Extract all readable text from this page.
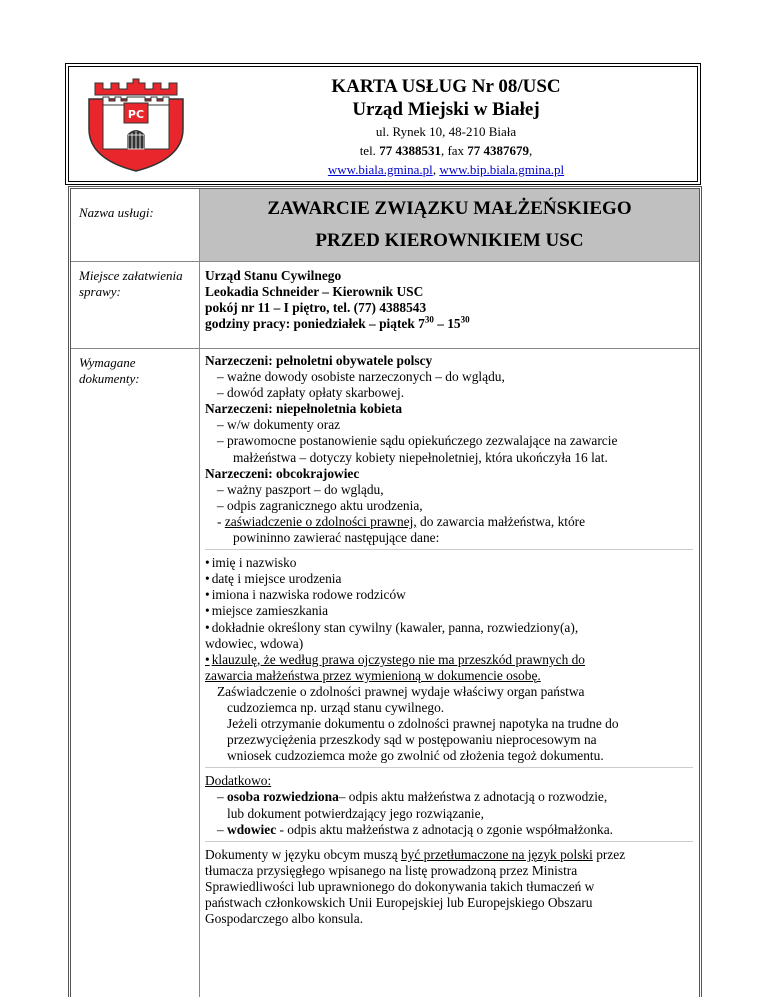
PC
KARTA USŁUG Nr 08/USC
Urząd Miejski w Białej
ul. Rynek 10, 48-210 Biała
tel. 77 4388531, fax 77 4387679,
www.biala.gmina.pl, www.bip.biala.gmina.pl
Nazwa usługi:	ZAWARCIE ZWIĄZKU MAŁŻEŃSKIEGO
PRZED KIEROWNIKIEM USC
Miejsce załatwienia sprawy:
Urząd Stanu Cywilnego
Leokadia Schneider – Kierownik USC
pokój nr 11 – I piętro, tel. (77) 4388543
godziny pracy: poniedziałek – piątek $7^{30} - 15^{30}$
Wymagane dokumenty:
Narzeczeni: pełnoletni obywatele polscy
– ważne dowody osobiste narzeczonych – do wglądu,
– dowód zapłaty opłaty skarbowej.
Narzeczeni: niepełnoletnia kobieta
– w/w dokumenty oraz
– prawomocne postanowienie sądu opiekuńczego zezwalające na zawarcie
małżeństwa – dotyczy kobiety niepełnoletniej, która ukończyła 16 lat.
Narzeczeni: obcokrajowiec
– ważny paszport – do wglądu,
– odpis zagranicznego aktu urodzenia,
- zaświadczenie o zdolności prawnej, do zawarcia małżeństwa, które
powininno zawierać następujące dane:
• imię i nazwisko
• datę i miejsce urodzenia
• imiona i nazwiska rodowe rodziców
• miejsce zamieszkania
• dokładnie określony stan cywilny (kawaler, panna, rozwiedziony(a),
wdowiec, wdowa)
• klauzulę, że według prawa ojczystego nie ma przeszkód prawnych do
zawarcia małżeństwa przez wymienioną w dokumencie osobę.
Zaświadczenie o zdolności prawnej wydaje właściwy organ państwa
cudzoziemca np. urząd stanu cywilnego.
Jeżeli otrzymanie dokumentu o zdolności prawnej napotyka na trudne do
przezwyciężenia przeszkody sąd w postępowaniu nieprocesowym na
wniosek cudzoziemca może go zwolnić od złożenia tegoż dokumentu.
Dodatkowo:
– osoba rozwiedziona– odpis aktu małżeństwa z adnotacją o rozwodzie,
lub dokument potwierdzający jego rozwiązanie,
– wdowiec - odpis aktu małżeństwa z adnotacją o zgonie współmałżonka.
Dokumenty w języku obcym muszą być przetłumaczone na język polski przez
tłumacza przysięgłego wpisanego na listę prowadzoną przez Ministra
Sprawiedliwości lub uprawnionego do dokonywania takich tłumaczeń w
państwach członkowskich Unii Europejskiej lub Europejskiego Obszaru
Gospodarczego albo konsula.
